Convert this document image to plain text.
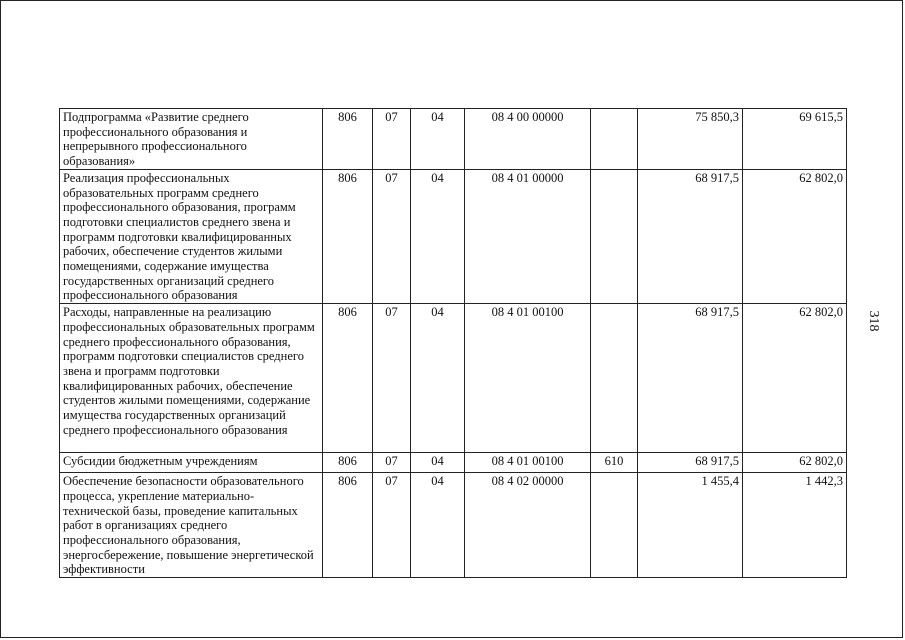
Подпрограмма «Развитие среднего профессионального образования и непрерывного профессионального образования»	806	07	04	08 4 00 00000		75 850,3	69 615,5
Реализация профессиональных образовательных программ среднего профессионального образования, программ подготовки специалистов среднего звена и программ подготовки квалифицированных рабочих, обеспечение студентов жилыми помещениями, содержание имущества государственных организаций среднего профессионального образования	806	07	04	08 4 01 00000		68 917,5	62 802,0
Расходы, направленные на реализацию профессиональных образовательных программ среднего профессионального образования, программ подготовки специалистов среднего звена и программ подготовки квалифицированных рабочих, обеспечение студентов жилыми помещениями, содержание имущества государственных организаций среднего профессионального образования	806	07	04	08 4 01 00100		68 917,5	62 802,0
Субсидии бюджетным учреждениям	806	07	04	08 4 01 00100	610	68 917,5	62 802,0
Обеспечение безопасности образовательного процесса, укрепление материально-технической базы, проведение капитальных работ в организациях среднего профессионального образования, энергосбережение, повышение энергетической эффективности	806	07	04	08 4 02 00000		1 455,4	1 442,3
318
